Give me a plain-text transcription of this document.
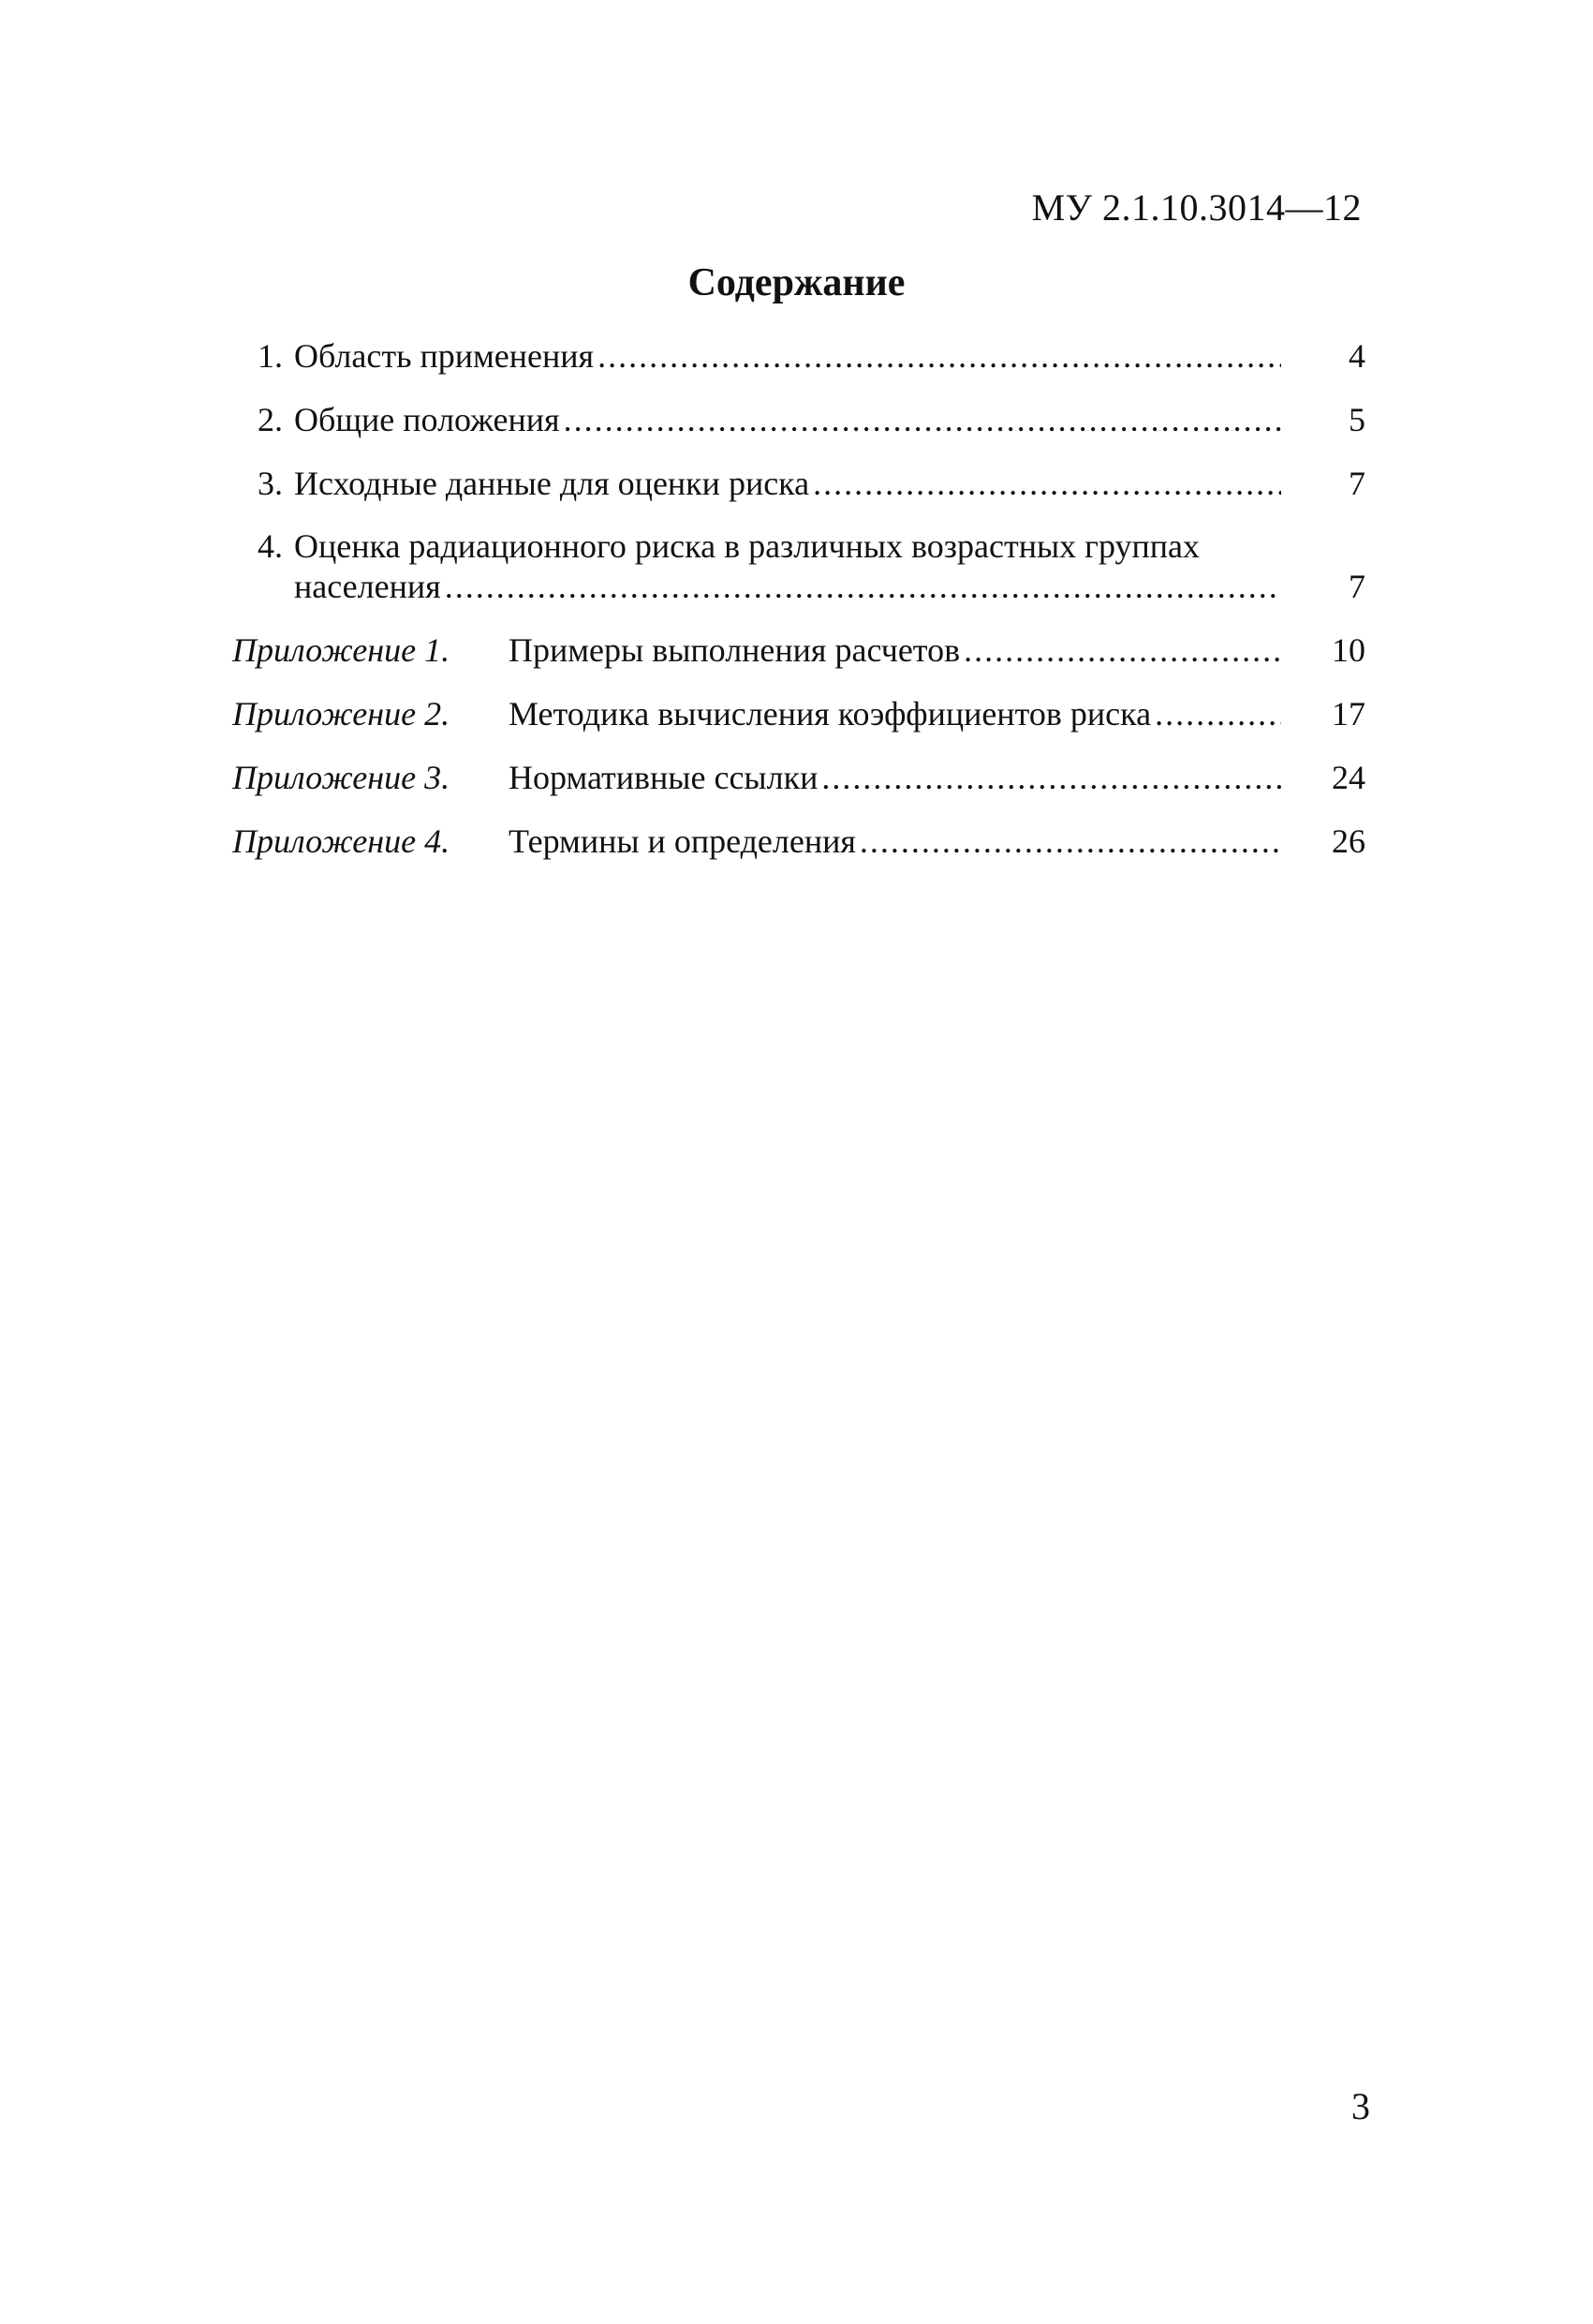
МУ 2.1.10.3014—12
Содержание
1. Область применения .....	4
2. Общие положения .....	5
3. Исходные данные для оценки риска .....	7
4. Оценка радиационного риска в различных возрастных группах
населения .....	7
Приложение 1.	Примеры выполнения расчетов .....	10
Приложение 2.	Методика вычисления коэффициентов риска .....	17
Приложение 3.	Нормативные ссылки .....	24
Приложение 4.	Термины и определения .....	26
3
